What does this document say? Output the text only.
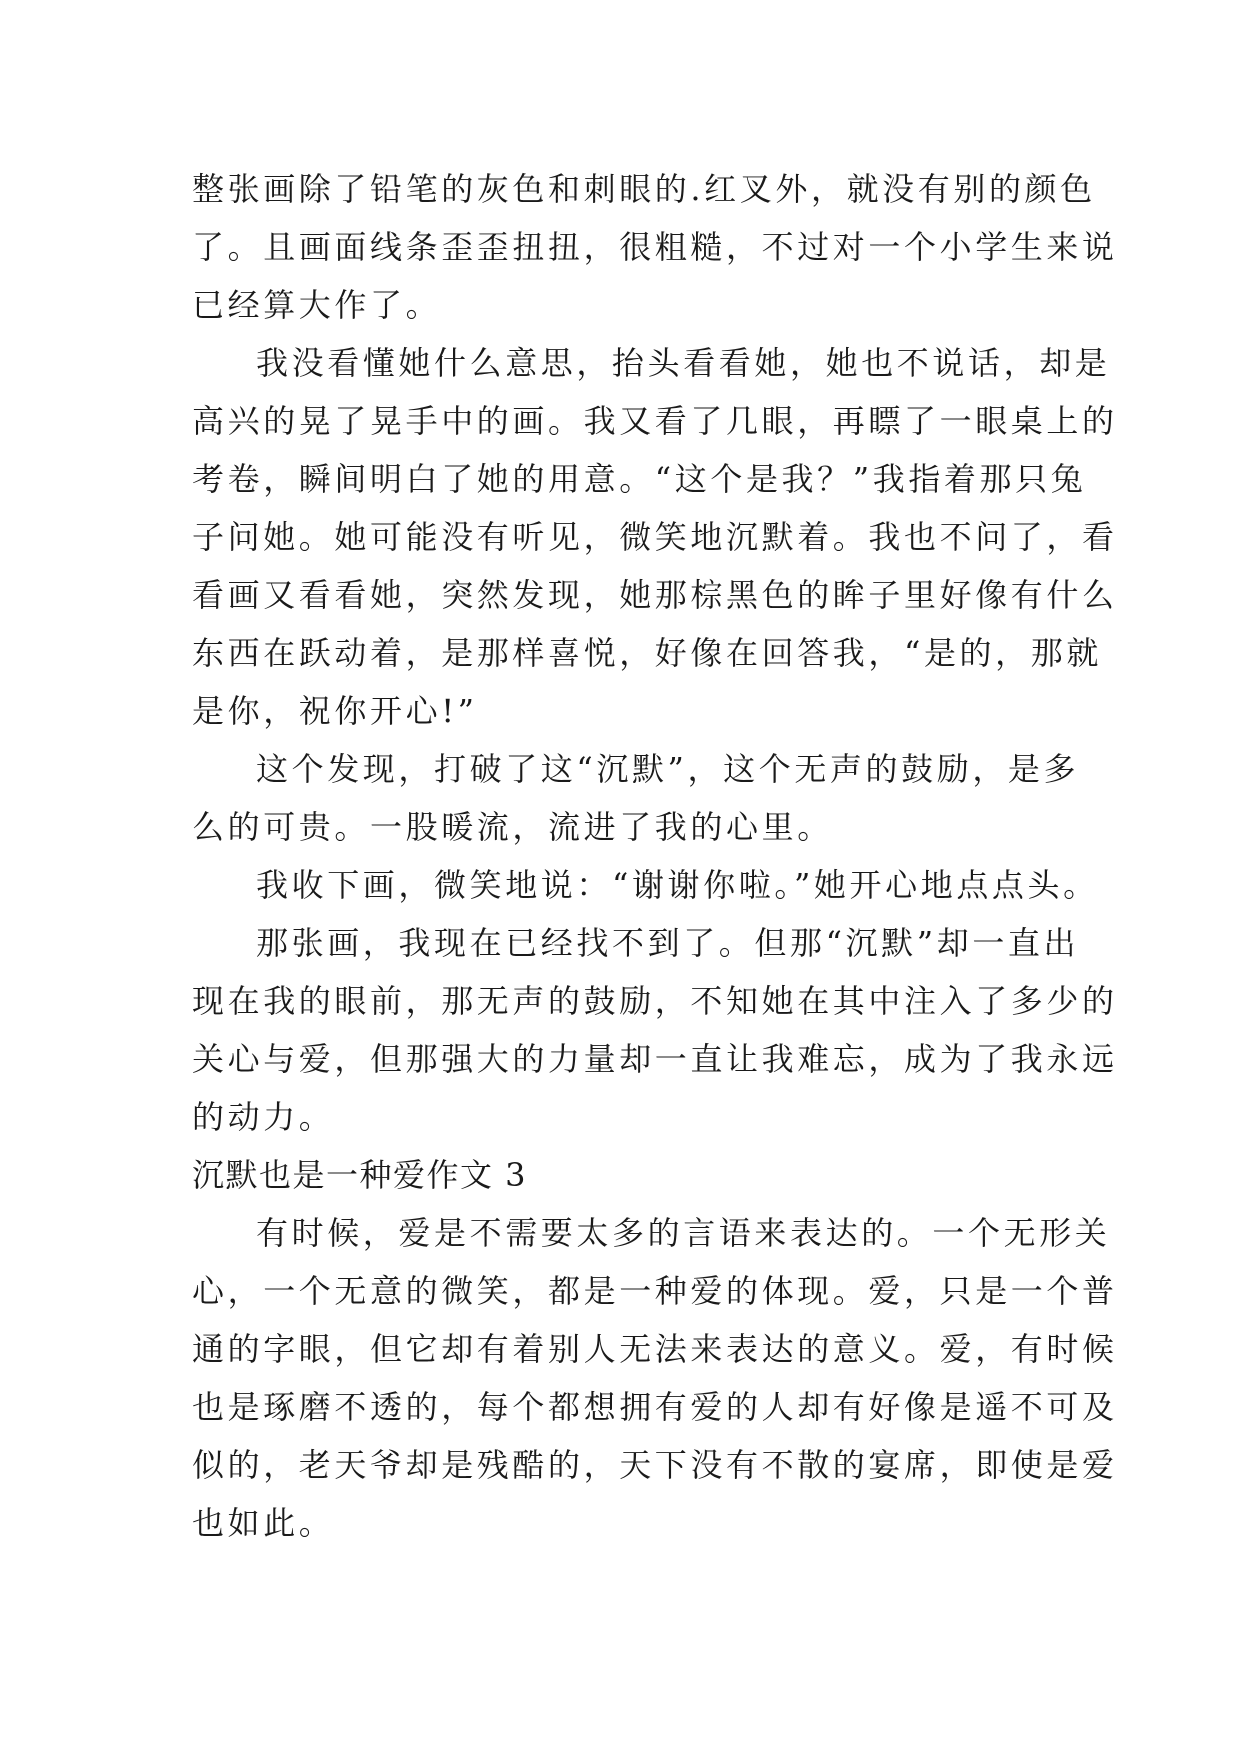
整张画除了铅笔的灰色和刺眼的.红叉外，就没有别的颜色
了。且画面线条歪歪扭扭，很粗糙，不过对一个小学生来说
已经算大作了。
我没看懂她什么意思，抬头看看她，她也不说话，却是
高兴的晃了晃手中的画。我又看了几眼，再瞟了一眼桌上的
考卷，瞬间明白了她的用意。“这个是我？”我指着那只兔
子问她。她可能没有听见，微笑地沉默着。我也不问了，看
看画又看看她，突然发现，她那棕黑色的眸子里好像有什么
东西在跃动着，是那样喜悦，好像在回答我，“是的，那就
是你，祝你开心!”
这个发现，打破了这“沉默”，这个无声的鼓励，是多
么的可贵。一股暖流，流进了我的心里。
我收下画，微笑地说：“谢谢你啦。”她开心地点点头。
那张画，我现在已经找不到了。但那“沉默”却一直出
现在我的眼前，那无声的鼓励，不知她在其中注入了多少的
关心与爱，但那强大的力量却一直让我难忘，成为了我永远
的动力。
沉默也是一种爱作文 3
有时候，爱是不需要太多的言语来表达的。一个无形关
心，一个无意的微笑，都是一种爱的体现。爱，只是一个普
通的字眼，但它却有着别人无法来表达的意义。爱，有时候
也是琢磨不透的，每个都想拥有爱的人却有好像是遥不可及
似的，老天爷却是残酷的，天下没有不散的宴席，即使是爱
也如此。
